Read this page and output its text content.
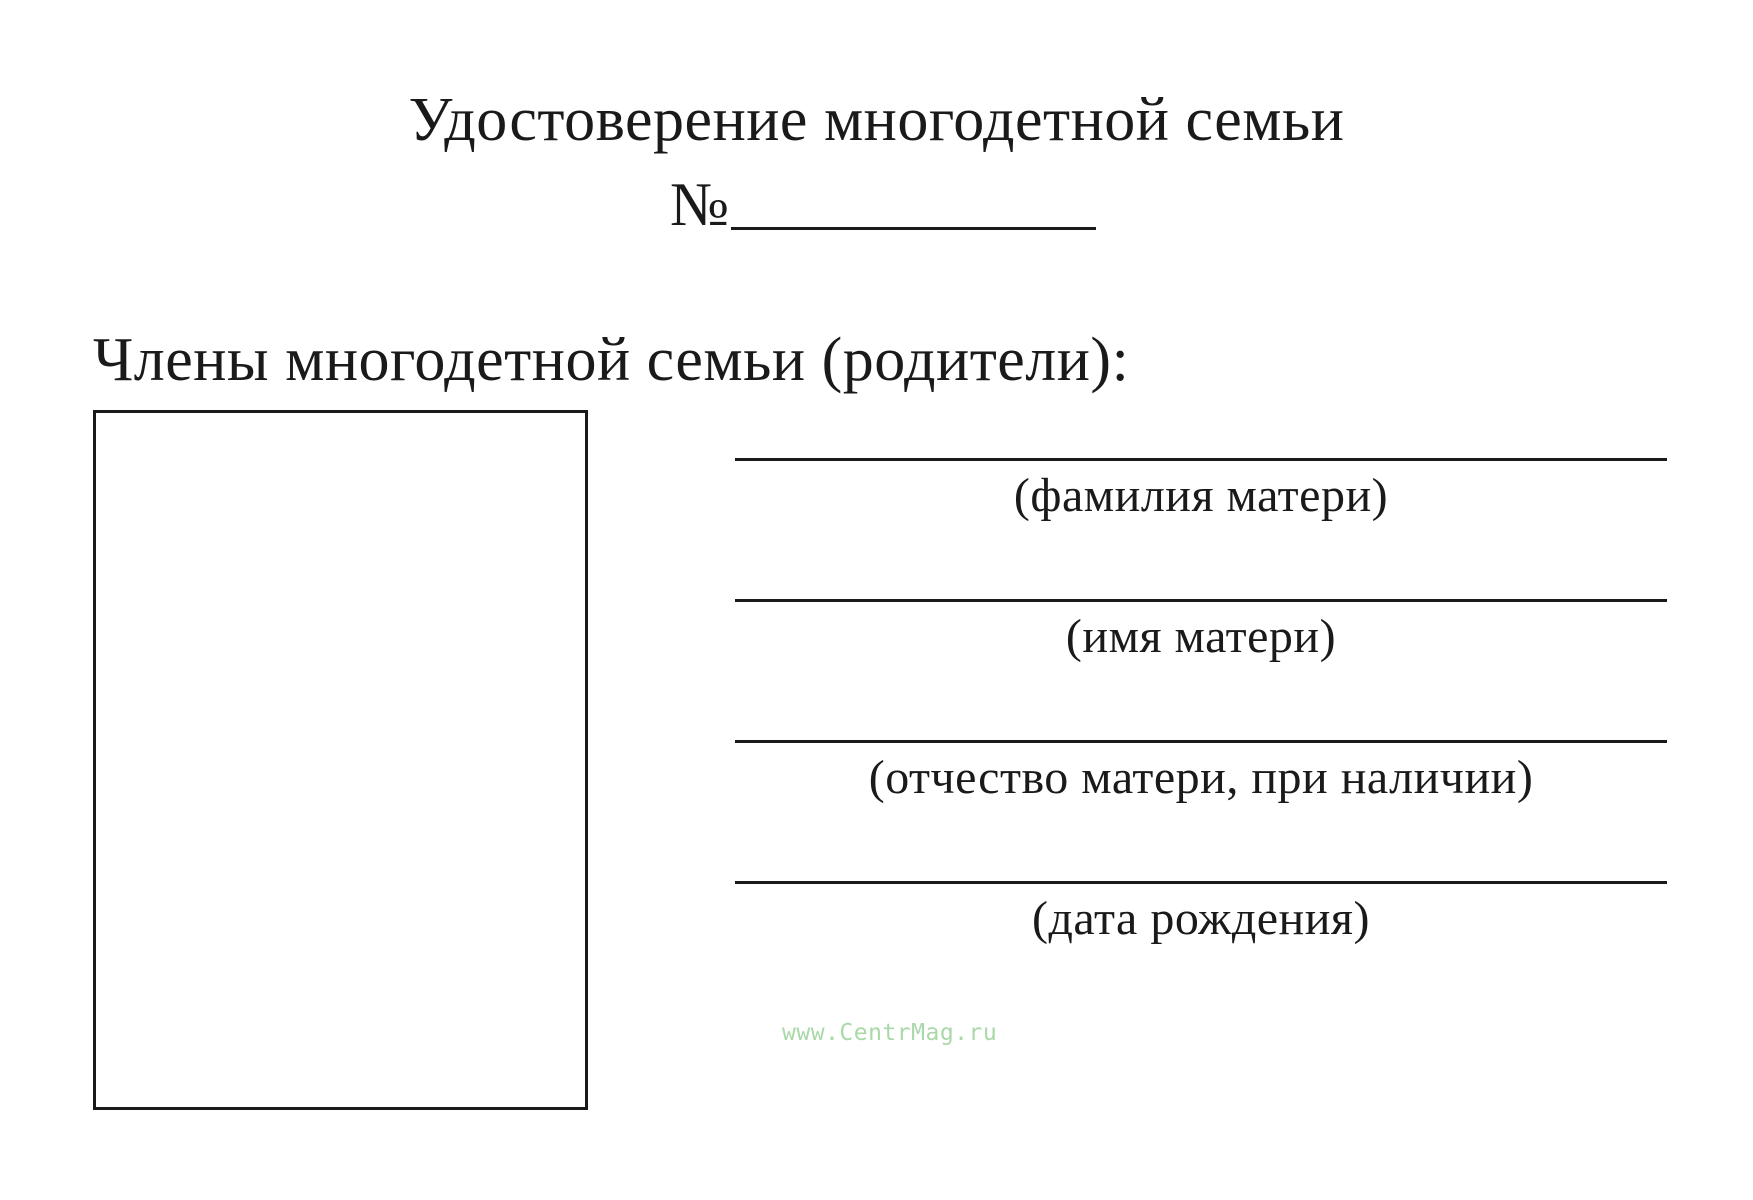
Удостоверение многодетной семьи
№
Члены многодетной семьи (родители):
(фамилия матери)
(имя матери)
(отчество матери, при наличии)
(дата рождения)
www.CentrMag.ru
